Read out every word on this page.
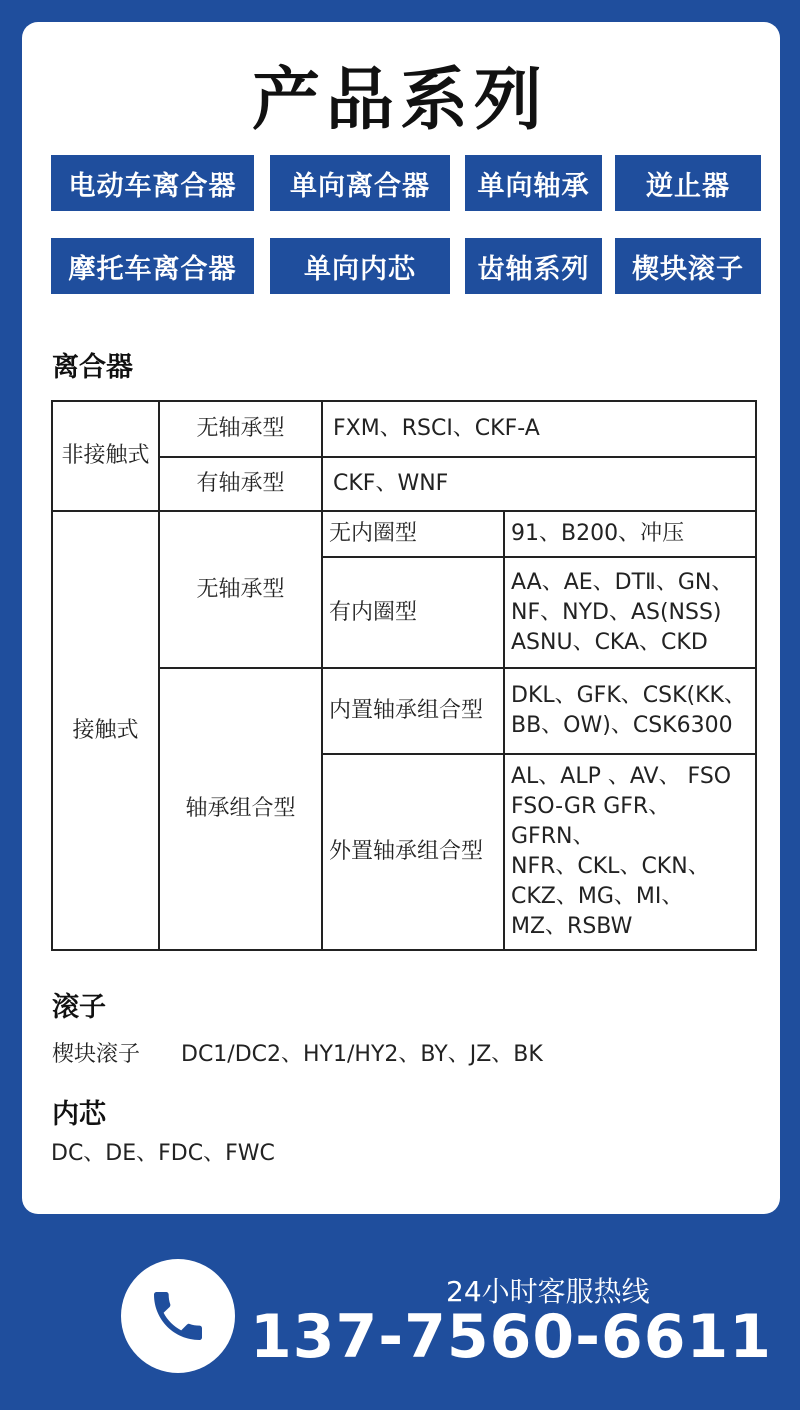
产品系列
电动车离合器	单向离合器	单向轴承	逆止器
摩托车离合器	单向内芯	齿轴系列	楔块滚子
离合器
非接触式	无轴承型	FXM、RSCI、CKF-A	
	有轴承型	CKF、WNF	
接触式	无轴承型	无内圈型	91、B200、冲压

		有内圈型	AA、AE、DTⅡ、GN、
NF、NYD、AS(NSS)
ASNU、CKA、CKD

	轴承组合型	内置轴承组合型	DKL、GFK、CSK(KK、
BB、OW)、CSK6300

		外置轴承组合型	AL、ALP 、AV、 FSO
FSO-GR GFR、GFRN、
NFR、CKL、CKN、
CKZ、MG、MI、
MZ、RSBW
滚子
楔块滚子 DC1/DC2、HY1/HY2、BY、JZ、BK
内芯
DC、DE、FDC、FWC
24小时客服热线
137-7560-6611
